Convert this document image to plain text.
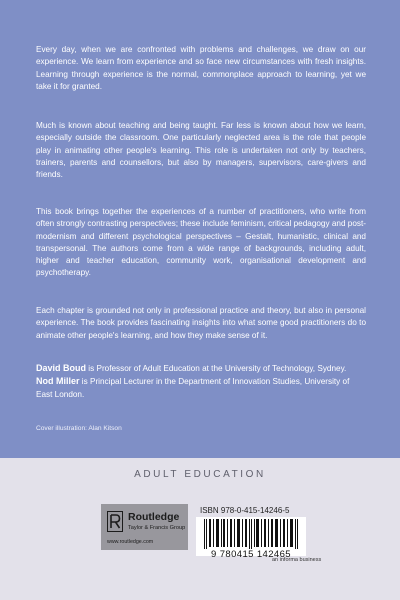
Every day, when we are confronted with problems and challenges, we draw on our experience. We learn from experience and so face new circumstances with fresh insights. Learning through experience is the normal, commonplace approach to learning, yet we take it for granted.

Much is known about teaching and being taught. Far less is known about how we learn, especially outside the classroom. One particularly neglected area is the role that people play in animating other people's learning. This role is undertaken not only by teachers, trainers, parents and counsellors, but also by managers, supervisors, care-givers and friends.

This book brings together the experiences of a number of practitioners, who write from often strongly contrasting perspectives; these include feminism, critical pedagogy and post-modernism and different psychological perspectives – Gestalt, humanistic, clinical and transpersonal. The authors come from a wide range of backgrounds, including adult, higher and teacher education, community work, organisational development and psychotherapy.

Each chapter is grounded not only in professional practice and theory, but also in personal experience. The book provides fascinating insights into what some good practitioners do to animate other people's learning, and how they make sense of it.

David Boud is Professor of Adult Education at the University of Technology, Sydney. Nod Miller is Principal Lecturer in the Department of Innovation Studies, University of East London.

Cover illustration: Alan Kitson
ADULT EDUCATION
Routledge
Taylor & Francis Group
www.routledge.com
ISBN 978-0-415-14246-5
9 780415 142465
an informa business
